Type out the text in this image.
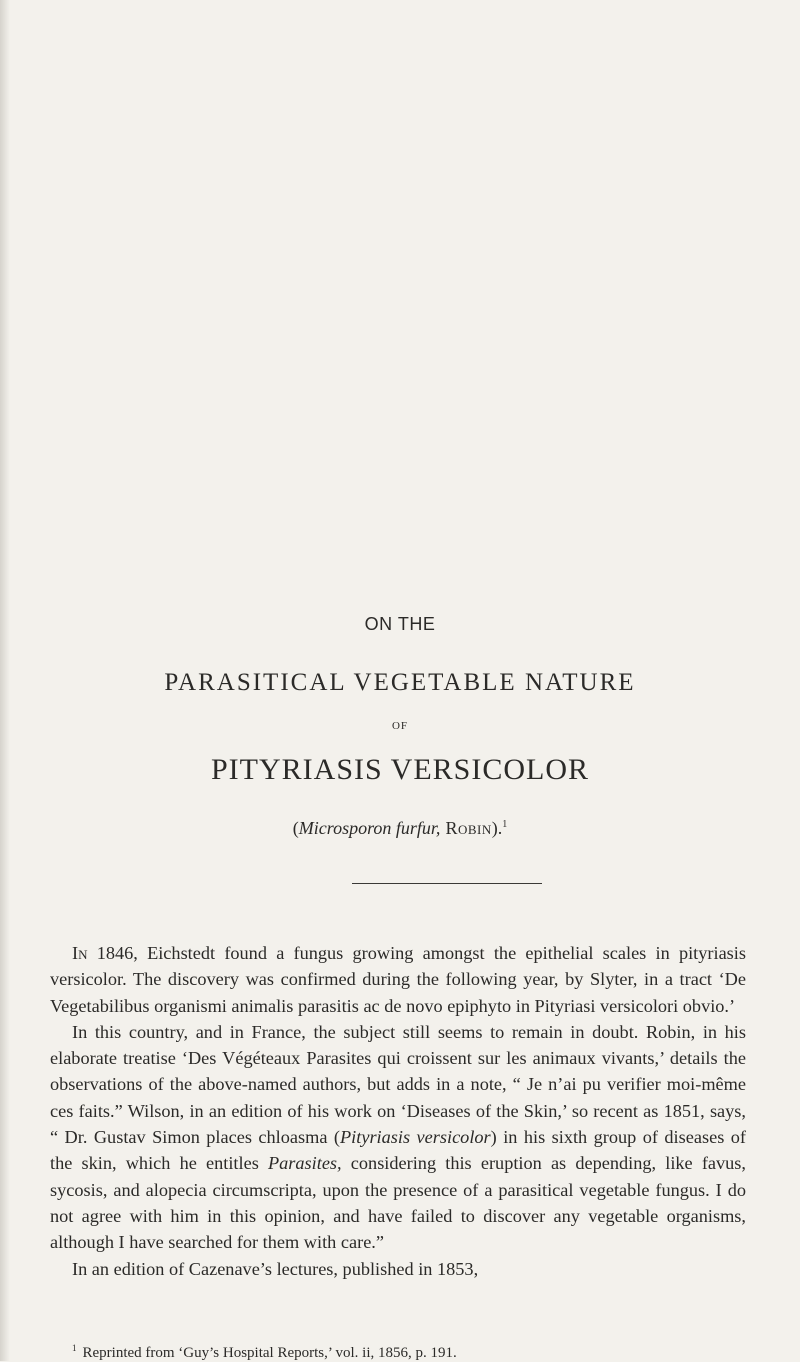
ON THE
PARASITICAL VEGETABLE NATURE
OF
PITYRIASIS VERSICOLOR
(Microsporon furfur, Robin).$^1$

In 1846, Eichstedt found a fungus growing amongst the epithelial scales in pityriasis versicolor. The discovery was confirmed during the following year, by Slyter, in a tract ‘De Vegetabilibus organismi animalis parasitis ac de novo epiphyto in Pityriasi versicolori obvio.’

In this country, and in France, the subject still seems to remain in doubt. Robin, in his elaborate treatise ‘Des Végéteaux Parasites qui croissent sur les animaux vivants,’ details the observations of the above-named authors, but adds in a note, “ Je n’ai pu verifier moi-même ces faits.” Wilson, in an edition of his work on ‘Diseases of the Skin,’ so recent as 1851, says, “ Dr. Gustav Simon places chloasma (Pityriasis versicolor) in his sixth group of diseases of the skin, which he entitles Parasites, considering this eruption as depending, like favus, sycosis, and alopecia circumscripta, upon the presence of a parasitical vegetable fungus. I do not agree with him in this opinion, and have failed to discover any vegetable organisms, although I have searched for them with care.”

In an edition of Cazenave’s lectures, published in 1853,

$^1$ Reprinted from ‘Guy’s Hospital Reports,’ vol. ii, 1856, p. 191.
